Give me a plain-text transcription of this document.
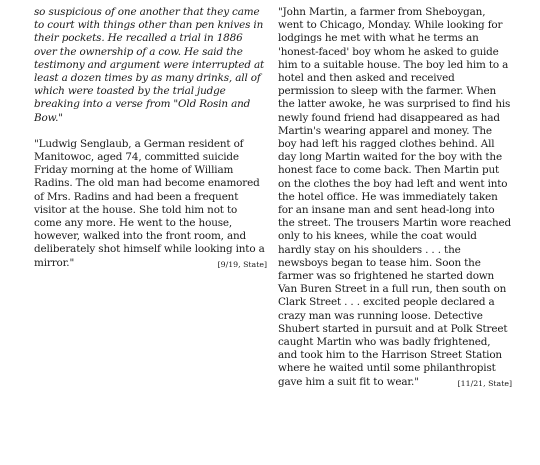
so suspicious of one another that they came to court with things other than pen knives in their pockets. He recalled a trial in 1886 over the ownership of a cow. He said the testimony and argument were interrupted at least a dozen times by as many drinks, all of which were toasted by the trial judge breaking into a verse from "Old Rosin and Bow."

"Ludwig Senglaub, a German resident of Manitowoc, aged 74, committed suicide Friday morning at the home of William Radins. The old man had become enamored of Mrs. Radins and had been a frequent visitor at the house. She told him not to come any more. He went to the house, however, walked into the front room, and deliberately shot himself while looking into a mirror."	[9/19, State]

"John Martin, a farmer from Sheboygan, went to Chicago, Monday. While looking for lodgings he met with what he terms an 'honest-faced' boy whom he asked to guide him to a suitable house. The boy led him to a hotel and then asked and received permission to sleep with the farmer. When the latter awoke, he was surprised to find his newly found friend had disappeared as had Martin's wearing apparel and money. The boy had left his ragged clothes behind. All day long Martin waited for the boy with the honest face to come back. Then Martin put on the clothes the boy had left and went into the hotel office. He was immediately taken for an insane man and sent head-long into the street. The trousers Martin wore reached only to his knees, while the coat would hardly stay on his shoulders . . . the newsboys began to tease him. Soon the farmer was so frightened he started down Van Buren Street in a full run, then south on Clark Street . . . excited people declared a crazy man was running loose. Detective Shubert started in pursuit and at Polk Street caught Martin who was badly frightened, and took him to the Harrison Street Station where he waited until some philanthropist gave him a suit fit to wear."	[11/21, State]
